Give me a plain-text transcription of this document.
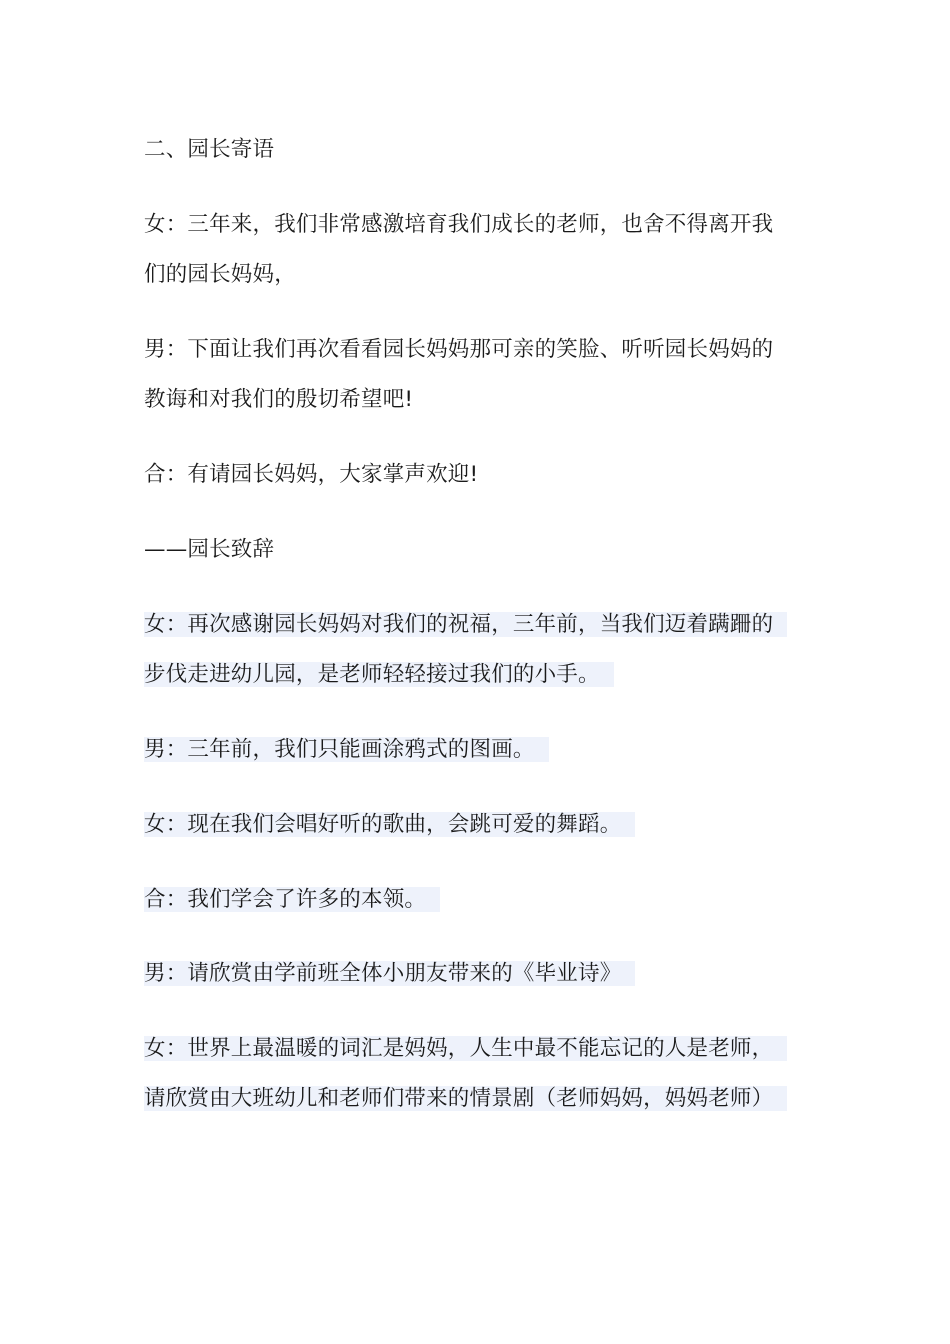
二、园长寄语
女：三年来，我们非常感激培育我们成长的老师，也舍不得离开我
们的园长妈妈，
男：下面让我们再次看看园长妈妈那可亲的笑脸、听听园长妈妈的
教诲和对我们的殷切希望吧!
合：有请园长妈妈，大家掌声欢迎!
——园长致辞
女：再次感谢园长妈妈对我们的祝福，三年前，当我们迈着蹒跚的
步伐走进幼儿园，是老师轻轻接过我们的小手。
男：三年前，我们只能画涂鸦式的图画。
女：现在我们会唱好听的歌曲，会跳可爱的舞蹈。
合：我们学会了许多的本领。
男：请欣赏由学前班全体小朋友带来的《毕业诗》
女：世界上最温暖的词汇是妈妈，人生中最不能忘记的人是老师，
请欣赏由大班幼儿和老师们带来的情景剧（老师妈妈，妈妈老师）
